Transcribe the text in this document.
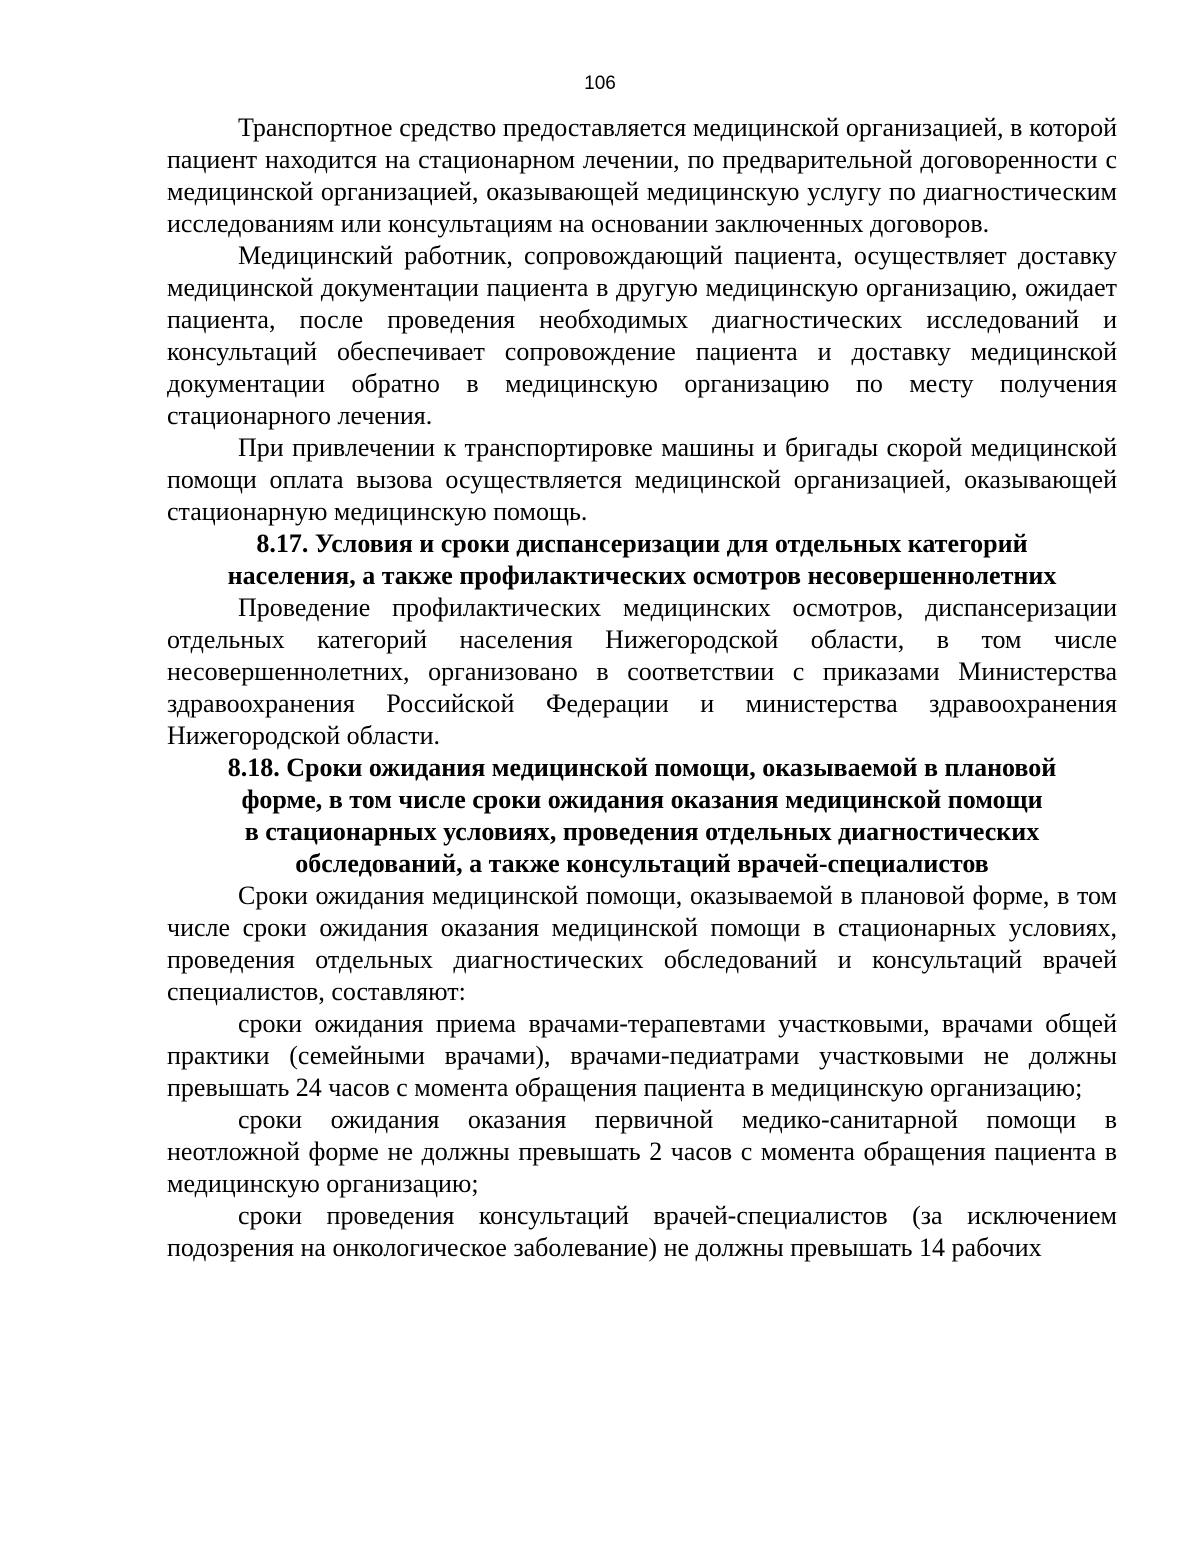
106

Транспортное средство предоставляется медицинской организацией, в которой пациент находится на стационарном лечении, по предварительной договоренности с медицинской организацией, оказывающей медицинскую услугу по диагностическим исследованиям или консультациям на основании заключенных договоров.

Медицинский работник, сопровождающий пациента, осуществляет доставку медицинской документации пациента в другую медицинскую организацию, ожидает пациента, после проведения необходимых диагностических исследований и консультаций обеспечивает сопровождение пациента и доставку медицинской документации обратно в медицинскую организацию по месту получения стационарного лечения.

При привлечении к транспортировке машины и бригады скорой медицинской помощи оплата вызова осуществляется медицинской организацией, оказывающей стационарную медицинскую помощь.

8.17. Условия и сроки диспансеризации для отдельных категорий
населения, а также профилактических осмотров несовершеннолетних

Проведение профилактических медицинских осмотров, диспансеризации отдельных категорий населения Нижегородской области, в том числе несовершеннолетних, организовано в соответствии с приказами Министерства здравоохранения Российской Федерации и министерства здравоохранения Нижегородской области.

8.18. Сроки ожидания медицинской помощи, оказываемой в плановой
форме, в том числе сроки ожидания оказания медицинской помощи
в стационарных условиях, проведения отдельных диагностических
обследований, а также консультаций врачей-специалистов

Сроки ожидания медицинской помощи, оказываемой в плановой форме, в том числе сроки ожидания оказания медицинской помощи в стационарных условиях, проведения отдельных диагностических обследований и консультаций врачей специалистов, составляют:

сроки ожидания приема врачами-терапевтами участковыми, врачами общей практики (семейными врачами), врачами-педиатрами участковыми не должны превышать 24 часов с момента обращения пациента в медицинскую организацию;

сроки ожидания оказания первичной медико-санитарной помощи в неотложной форме не должны превышать 2 часов с момента обращения пациента в медицинскую организацию;

сроки проведения консультаций врачей-специалистов (за исключением подозрения на онкологическое заболевание) не должны превышать 14 рабочих
